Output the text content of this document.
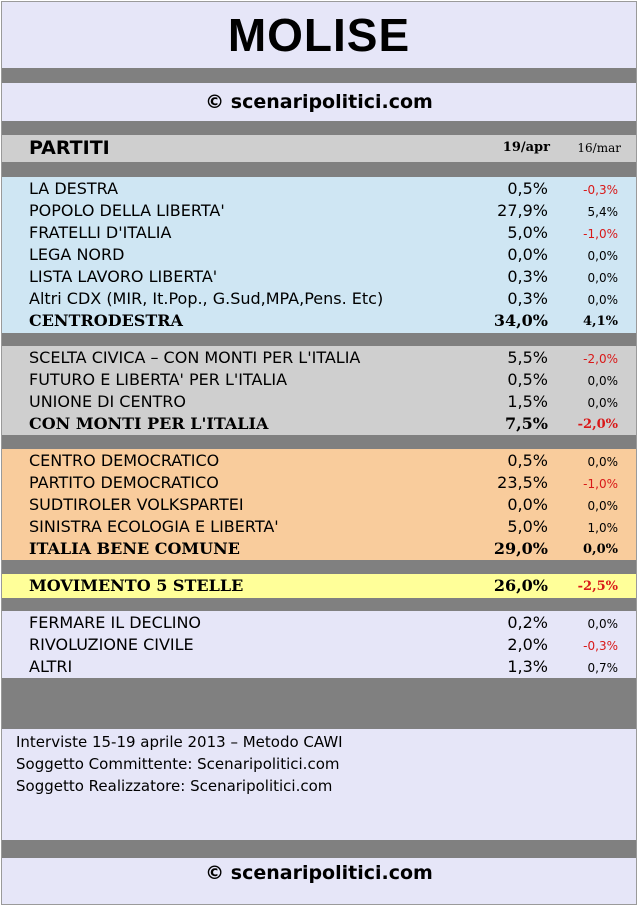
MOLISE
© scenaripolitici.com
PARTITI	19/apr 16/mar
LA DESTRA	0,5%	-0,3%
POPOLO DELLA LIBERTA'	27,9%	5,4%
FRATELLI D'ITALIA	5,0%	-1,0%
LEGA NORD	0,0%	0,0%
LISTA LAVORO LIBERTA'	0,3%	0,0%
Altri CDX (MIR, It.Pop., G.Sud,MPA,Pens. Etc)	0,3%	0,0%
CENTRODESTRA	34,0%	4,1%
SCELTA CIVICA – CON MONTI PER L'ITALIA	5,5%	-2,0%
FUTURO E LIBERTA' PER L'ITALIA	0,5%	0,0%
UNIONE DI CENTRO	1,5%	0,0%
CON MONTI PER L'ITALIA	7,5% -2,0%
CENTRO DEMOCRATICO	0,5%	0,0%
PARTITO DEMOCRATICO	23,5%	-1,0%
SUDTIROLER VOLKSPARTEI	0,0%	0,0%
SINISTRA ECOLOGIA E LIBERTA'	5,0%	1,0%
ITALIA BENE COMUNE	29,0%	0,0%
MOVIMENTO 5 STELLE	26,0% -2,5%
FERMARE IL DECLINO	0,2%	0,0%
RIVOLUZIONE CIVILE	2,0%	-0,3%
ALTRI	1,3%	0,7%
Interviste 15-19 aprile 2013 – Metodo CAWI
Soggetto Committente: Scenaripolitici.com
Soggetto Realizzatore: Scenaripolitici.com
© scenaripolitici.com
